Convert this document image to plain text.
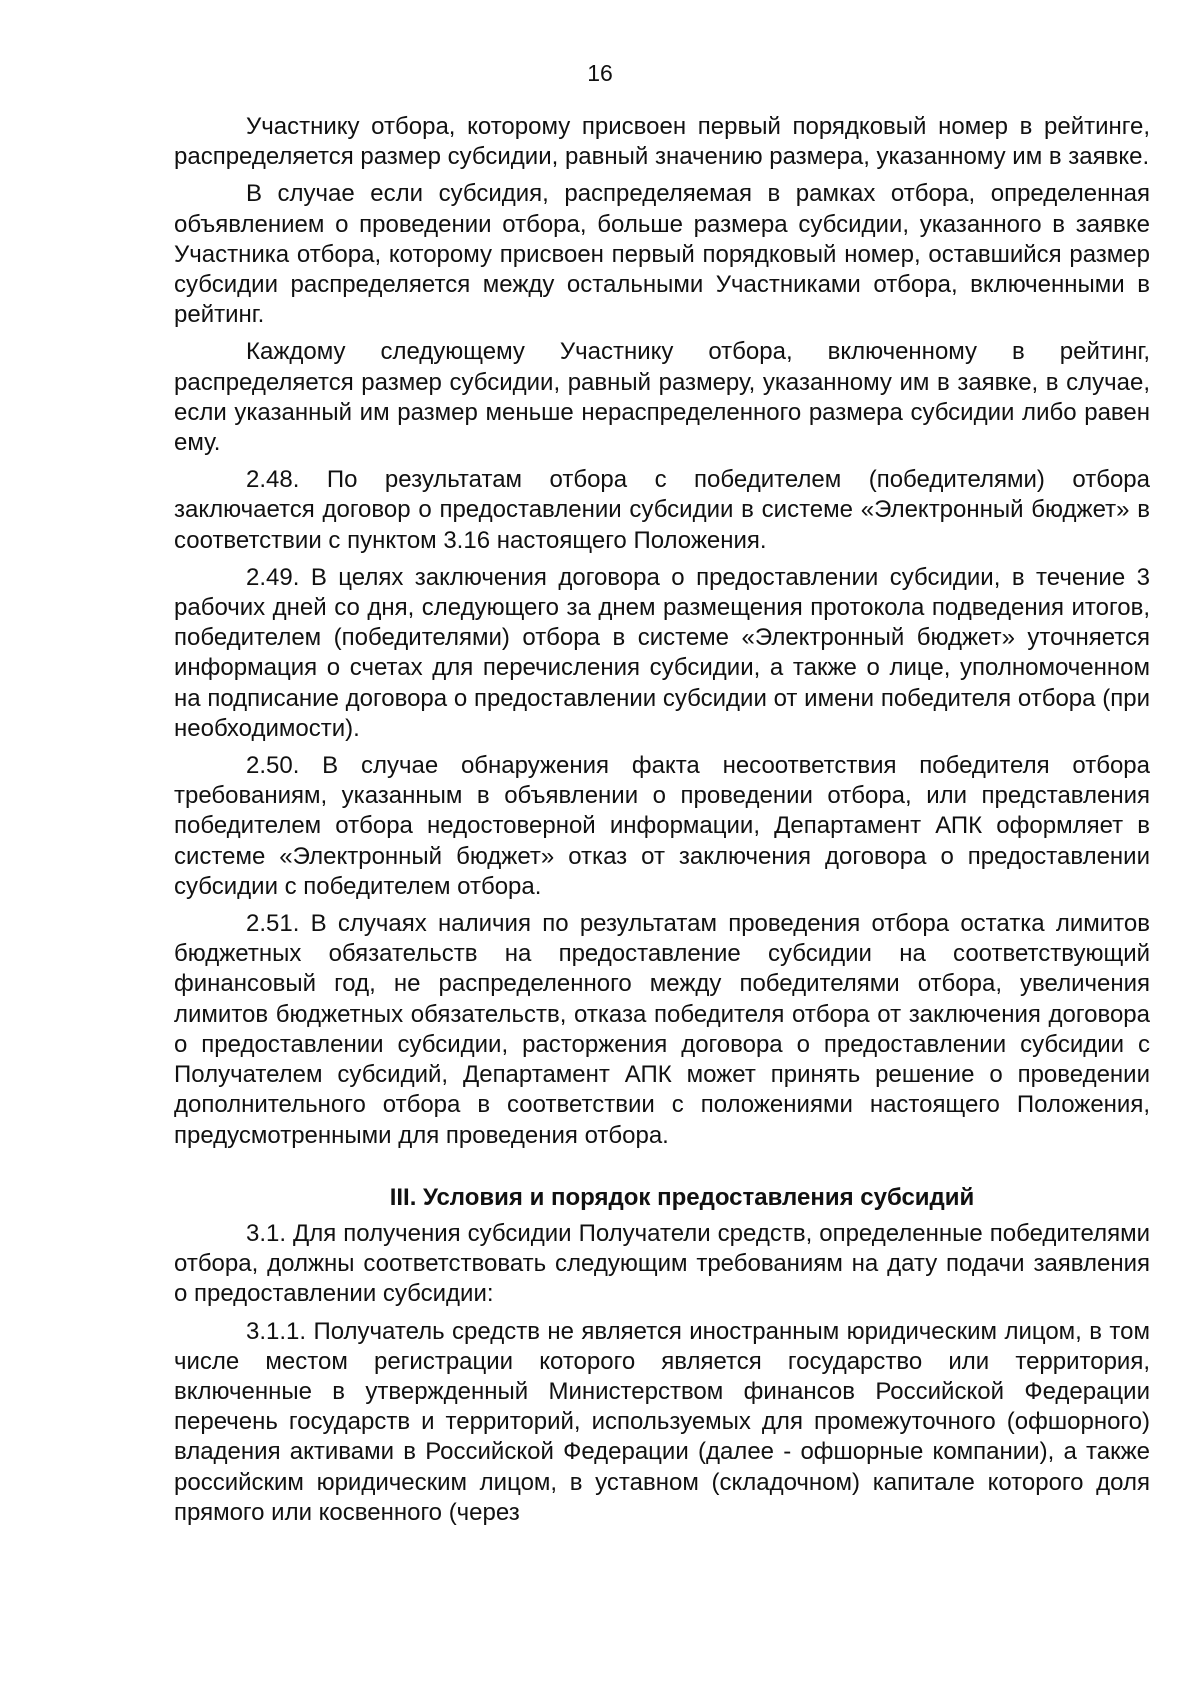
16

Участнику отбора, которому присвоен первый порядковый номер в рейтинге, распределяется размер субсидии, равный значению размера, указанному им в заявке.

В случае если субсидия, распределяемая в рамках отбора, определенная объявлением о проведении отбора, больше размера субсидии, указанного в заявке Участника отбора, которому присвоен первый порядковый номер, оставшийся размер субсидии распределяется между остальными Участниками отбора, включенными в рейтинг.

Каждому следующему Участнику отбора, включенному в рейтинг, распределяется размер субсидии, равный размеру, указанному им в заявке, в случае, если указанный им размер меньше нераспределенного размера субсидии либо равен ему.

2.48. По результатам отбора с победителем (победителями) отбора заключается договор о предоставлении субсидии в системе «Электронный бюджет» в соответствии с пунктом 3.16 настоящего Положения.

2.49. В целях заключения договора о предоставлении субсидии, в течение 3 рабочих дней со дня, следующего за днем размещения протокола подведения итогов, победителем (победителями) отбора в системе «Электронный бюджет» уточняется информация о счетах для перечисления субсидии, а также о лице, уполномоченном на подписание договора о предоставлении субсидии от имени победителя отбора (при необходимости).

2.50. В случае обнаружения факта несоответствия победителя отбора требованиям, указанным в объявлении о проведении отбора, или представления победителем отбора недостоверной информации, Департамент АПК оформляет в системе «Электронный бюджет» отказ от заключения договора о предоставлении субсидии с победителем отбора.

2.51. В случаях наличия по результатам проведения отбора остатка лимитов бюджетных обязательств на предоставление субсидии на соответствующий финансовый год, не распределенного между победителями отбора, увеличения лимитов бюджетных обязательств, отказа победителя отбора от заключения договора о предоставлении субсидии, расторжения договора о предоставлении субсидии с Получателем субсидий, Департамент АПК может принять решение о проведении дополнительного отбора в соответствии с положениями настоящего Положения, предусмотренными для проведения отбора.

III. Условия и порядок предоставления субсидий

3.1. Для получения субсидии Получатели средств, определенные победителями отбора, должны соответствовать следующим требованиям на дату подачи заявления о предоставлении субсидии:

3.1.1. Получатель средств не является иностранным юридическим лицом, в том числе местом регистрации которого является государство или территория, включенные в утвержденный Министерством финансов Российской Федерации перечень государств и территорий, используемых для промежуточного (офшорного) владения активами в Российской Федерации (далее - офшорные компании), а также российским юридическим лицом, в уставном (складочном) капитале которого доля прямого или косвенного (через
